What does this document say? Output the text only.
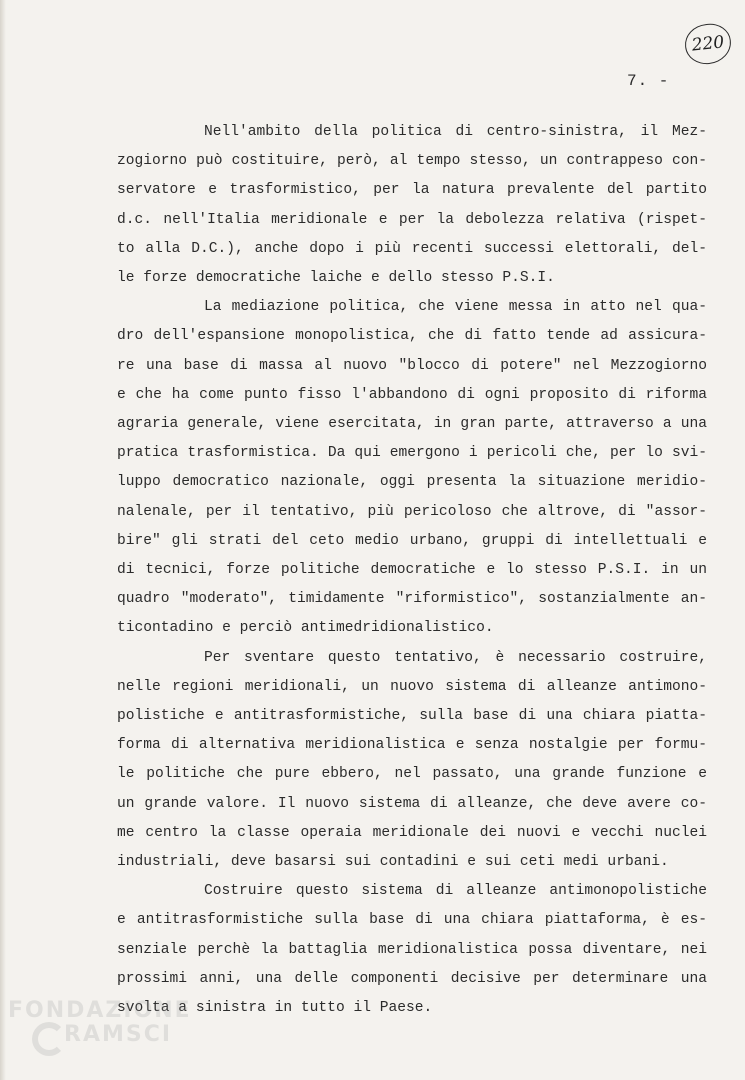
220
7. -

Nell'ambito della politica di centro-sinistra, il Mez-
zogiorno può costituire, però, al tempo stesso, un contrappeso con-
servatore e trasformistico, per la natura prevalente del partito
d.c. nell'Italia meridionale e per la debolezza relativa (rispet-
to alla D.C.), anche dopo i più recenti successi elettorali, del-
le forze democratiche laiche e dello stesso P.S.I.

La mediazione politica, che viene messa in atto nel qua-
dro dell'espansione monopolistica, che di fatto tende ad assicura-
re una base di massa al nuovo "blocco di potere" nel Mezzogiorno
e che ha come punto fisso l'abbandono di ogni proposito di riforma
agraria generale, viene esercitata, in gran parte, attraverso a una
pratica trasformistica. Da qui emergono i pericoli che, per lo svi-
luppo democratico nazionale, oggi presenta la situazione meridio-
nalenale, per il tentativo, più pericoloso che altrove, di "assor-
bire" gli strati del ceto medio urbano, gruppi di intellettuali e
di tecnici, forze politiche democratiche e lo stesso P.S.I. in un
quadro "moderato", timidamente "riformistico", sostanzialmente an-
ticontadino e perciò antimedridionalistico.

Per sventare questo tentativo, è necessario costruire,
nelle regioni meridionali, un nuovo sistema di alleanze antimono-
polistiche e antitrasformistiche, sulla base di una chiara piatta-
forma di alternativa meridionalistica e senza nostalgie per formu-
le politiche che pure ebbero, nel passato, una grande funzione e
un grande valore. Il nuovo sistema di alleanze, che deve avere co-
me centro la classe operaia meridionale dei nuovi e vecchi nuclei
industriali, deve basarsi sui contadini e sui ceti medi urbani.

Costruire questo sistema di alleanze antimonopolistiche
e antitrasformistiche sulla base di una chiara piattaforma, è es-
senziale perchè la battaglia meridionalistica possa diventare, nei
prossimi anni, una delle componenti decisive per determinare una
svolta a sinistra in tutto il Paese.

FONDAZIONE
RAMSCI
